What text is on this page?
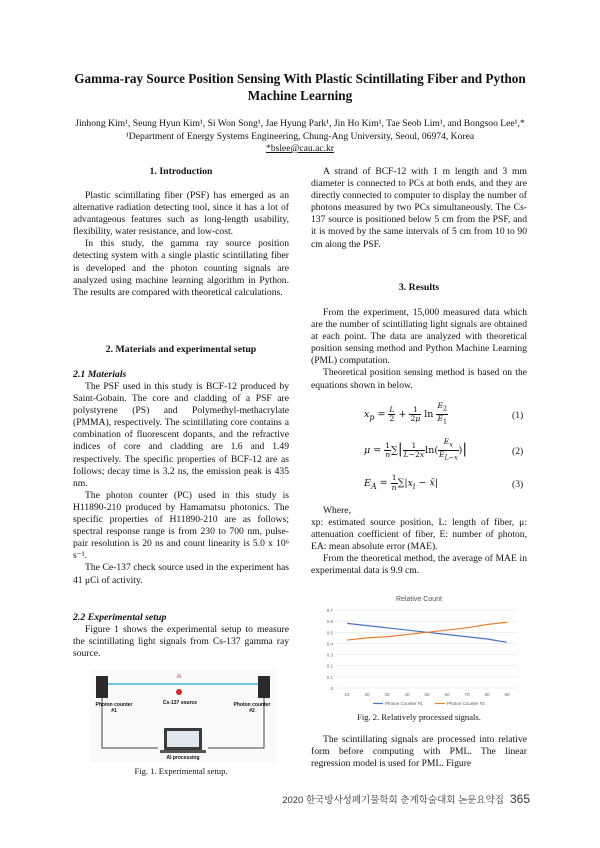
Gamma-ray Source Position Sensing With Plastic Scintillating Fiber and Python Machine Learning
Jinhong Kim¹, Seung Hyun Kim¹, Si Won Song¹, Jae Hyung Park¹, Jin Ho Kim¹, Tae Seob Lim¹, and Bongsoo Lee¹,*
¹Department of Energy Systems Engineering, Chung-Ang University, Seoul, 06974, Korea
*bslee@cau.ac.kr
1. Introduction

Plastic scintillating fiber (PSF) has emerged as an alternative radiation detecting tool, since it has a lot of advantageous features such as long-length usability, flexibility, water resistance, and low-cost.

In this study, the gamma ray source position detecting system with a single plastic scintillating fiber is developed and the photon counting signals are analyzed using machine learning algorithm in Python. The results are compared with theoretical calculations.

2. Materials and experimental setup
2.1 Materials

The PSF used in this study is BCF-12 produced by Saint-Gobain. The core and cladding of a PSF are polystyrene (PS) and Polymethyl-methacrylate (PMMA), respectively. The scintillating core contains a combination of fluorescent dopants, and the refractive indices of core and cladding are 1.6 and 1.49 respectively. The specific properties of BCF-12 are as follows; decay time is 3.2 ns, the emission peak is 435 nm.

The photon counter (PC) used in this study is H11890-210 produced by Hamamatsu photonics. The specific properties of H11890-210 are as follows; spectral response range is from 230 to 700 nm, pulse-pair resolution is 20 ns and count linearity is 5.0 x 10⁶ s⁻¹.

The Ce-137 check source used in the experiment has 41 μCi of activity.

2.2 Experimental setup

Figure 1 shows the experimental setup to measure the scintillating light signals from Cs-137 gamma ray source.

⁂
Photon counter #1
Photon counter #2
Cs-137 source
AI processing
Fig. 1. Experimental setup.

A strand of BCF-12 with 1 m length and 3 mm diameter is connected to PCs at both ends, and they are directly connected to computer to display the number of photons measured by two PCs simultaneously. The Cs-137 source is positioned below 5 cm from the PSF, and it is moved by the same intervals of 5 cm from 10 to 90 cm along the PSF.

3. Results

From the experiment, 15,000 measured data which are the number of scintillating light signals are obtained at each point. The data are analyzed with theoretical position sensing method and Python Machine Learning (PML) computation.

Theoretical position sensing method is based on the equations shown in below.

$x_p = \frac{L}{2} + \frac{1}{2\mu}$ $\ln \frac{E_2}{E_1}$	(1)
$\mu = \frac{1}{n}$ ∑| $\frac{1}{L-2x} \ln( \frac{E_x}{E_{L-x}}$ )|	(2)
$E_A = \frac{1}{n} \sum|x_i$ − x̄|	(3)

Where,

xp: estimated source position, L: length of fiber, μ: attenuation coefficient of fiber, E: number of photon, EA: mean absolute error (MAE).

From the theoretical method, the average of MAE in experimental data is 9.9 cm.

Relative Count
0
0.1
0.2
0.3
0.4
0.5
0.6
0.7
10	20	30	40	50	60	70	80	90
Photon Counter #1	Photon Counter #2
Fig. 2. Relatively processed signals.

The scintillating signals are processed into relative form before computing with PML. The linear regression model is used for PML. Figure

2020 한국방사성폐기물학회 춘계학술대회 논문요약집 365
